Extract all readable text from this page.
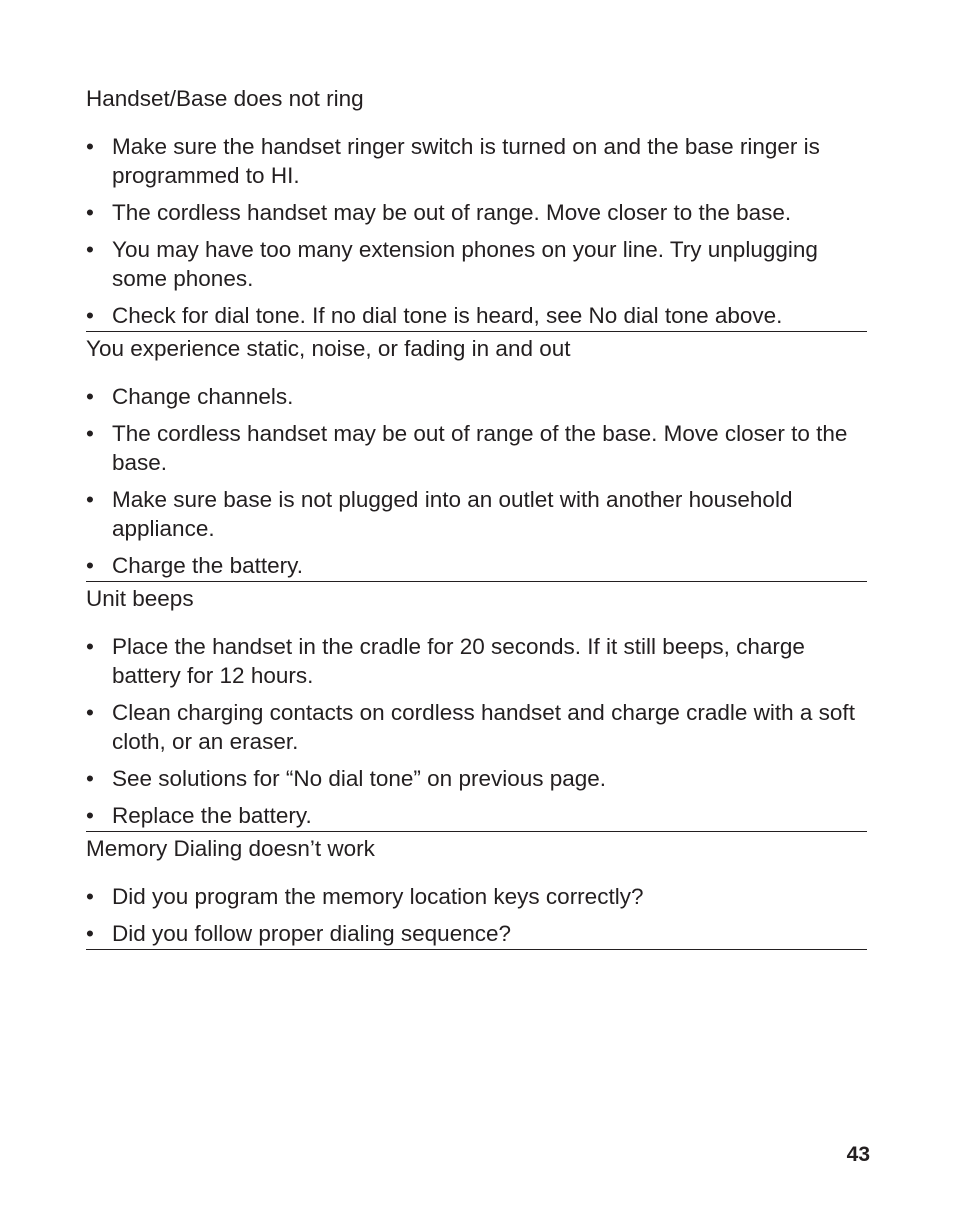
Handset/Base does not ring
• Make sure the handset ringer switch is turned on and the base ringer is programmed to HI.
• The cordless handset may be out of range. Move closer to the base.
• You may have too many extension phones on your line. Try unplugging some phones.
• Check for dial tone. If no dial tone is heard, see No dial tone above.
You experience static, noise, or fading in and out
• Change channels.
• The cordless handset may be out of range of the base. Move closer to the base.
• Make sure base is not plugged into an outlet with another household appliance.
• Charge the battery.
Unit beeps
• Place the handset in the cradle for 20 seconds. If it still beeps, charge battery for 12 hours.
• Clean charging contacts on cordless handset and charge cradle with a soft cloth, or an eraser.
• See solutions for “No dial tone” on previous page.
• Replace the battery.
Memory Dialing doesn’t work
• Did you program the memory location keys correctly?
• Did you follow proper dialing sequence?
43
